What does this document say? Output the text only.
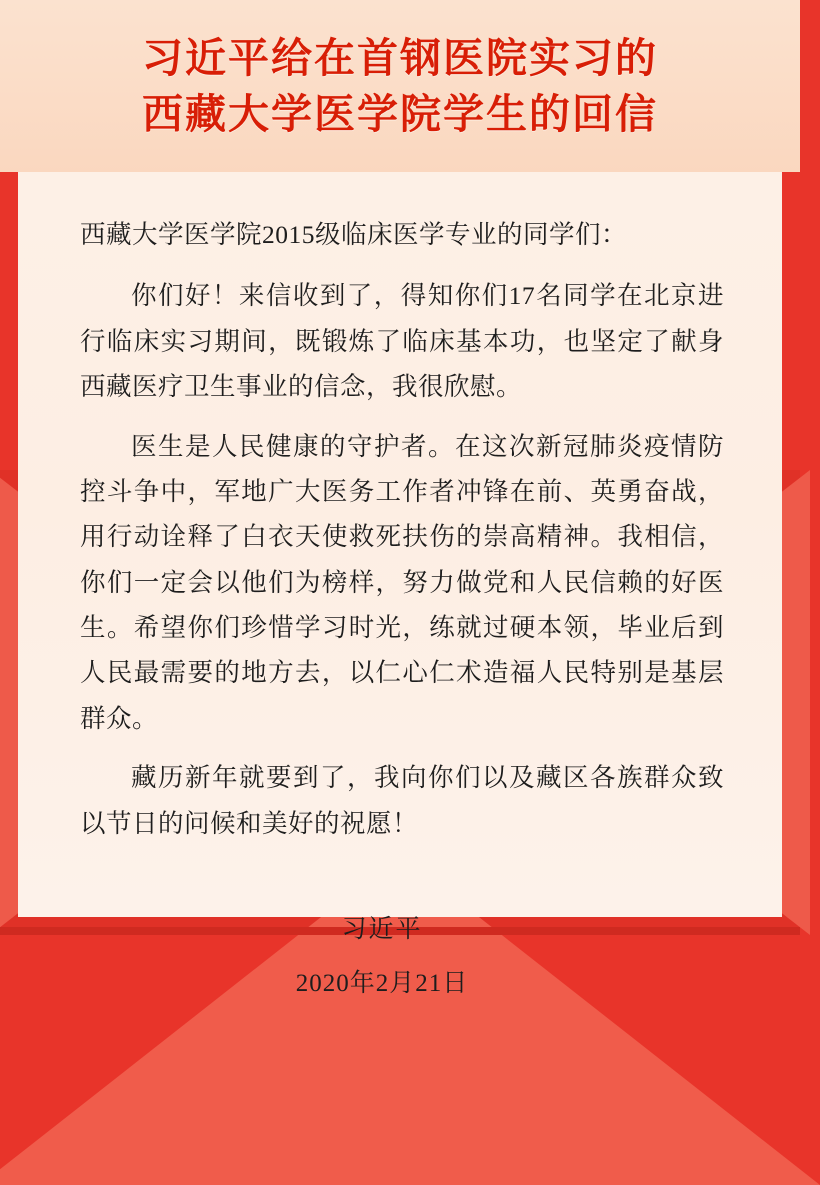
习近平给在首钢医院实习的
西藏大学医学院学生的回信

西藏大学医学院2015级临床医学专业的同学们：

你们好！来信收到了，得知你们17名同学在北京进行临床实习期间，既锻炼了临床基本功，也坚定了献身西藏医疗卫生事业的信念，我很欣慰。

医生是人民健康的守护者。在这次新冠肺炎疫情防控斗争中，军地广大医务工作者冲锋在前、英勇奋战，用行动诠释了白衣天使救死扶伤的崇高精神。我相信，你们一定会以他们为榜样，努力做党和人民信赖的好医生。希望你们珍惜学习时光，练就过硬本领，毕业后到人民最需要的地方去，以仁心仁术造福人民特别是基层群众。

藏历新年就要到了，我向你们以及藏区各族群众致以节日的问候和美好的祝愿！

习近平
2020年2月21日
